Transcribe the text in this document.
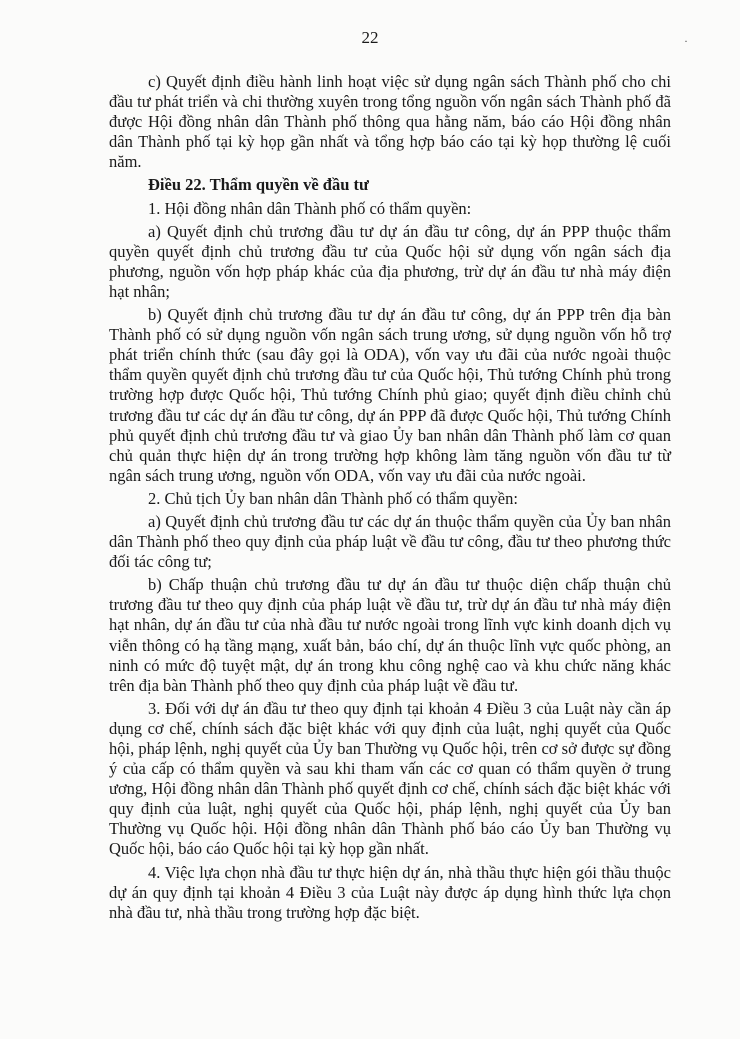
22	·

c) Quyết định điều hành linh hoạt việc sử dụng ngân sách Thành phố cho chi đầu tư phát triển và chi thường xuyên trong tổng nguồn vốn ngân sách Thành phố đã được Hội đồng nhân dân Thành phố thông qua hằng năm, báo cáo Hội đồng nhân dân Thành phố tại kỳ họp gần nhất và tổng hợp báo cáo tại kỳ họp thường lệ cuối năm.

Điều 22. Thẩm quyền về đầu tư

1. Hội đồng nhân dân Thành phố có thẩm quyền:

a) Quyết định chủ trương đầu tư dự án đầu tư công, dự án PPP thuộc thẩm quyền quyết định chủ trương đầu tư của Quốc hội sử dụng vốn ngân sách địa phương, nguồn vốn hợp pháp khác của địa phương, trừ dự án đầu tư nhà máy điện hạt nhân;

b) Quyết định chủ trương đầu tư dự án đầu tư công, dự án PPP trên địa bàn Thành phố có sử dụng nguồn vốn ngân sách trung ương, sử dụng nguồn vốn hỗ trợ phát triển chính thức (sau đây gọi là ODA), vốn vay ưu đãi của nước ngoài thuộc thẩm quyền quyết định chủ trương đầu tư của Quốc hội, Thủ tướng Chính phủ trong trường hợp được Quốc hội, Thủ tướng Chính phủ giao; quyết định điều chỉnh chủ trương đầu tư các dự án đầu tư công, dự án PPP đã được Quốc hội, Thủ tướng Chính phủ quyết định chủ trương đầu tư và giao Ủy ban nhân dân Thành phố làm cơ quan chủ quản thực hiện dự án trong trường hợp không làm tăng nguồn vốn đầu tư từ ngân sách trung ương, nguồn vốn ODA, vốn vay ưu đãi của nước ngoài.

2. Chủ tịch Ủy ban nhân dân Thành phố có thẩm quyền:

a) Quyết định chủ trương đầu tư các dự án thuộc thẩm quyền của Ủy ban nhân dân Thành phố theo quy định của pháp luật về đầu tư công, đầu tư theo phương thức đối tác công tư;

b) Chấp thuận chủ trương đầu tư dự án đầu tư thuộc diện chấp thuận chủ trương đầu tư theo quy định của pháp luật về đầu tư, trừ dự án đầu tư nhà máy điện hạt nhân, dự án đầu tư của nhà đầu tư nước ngoài trong lĩnh vực kinh doanh dịch vụ viễn thông có hạ tầng mạng, xuất bản, báo chí, dự án thuộc lĩnh vực quốc phòng, an ninh có mức độ tuyệt mật, dự án trong khu công nghệ cao và khu chức năng khác trên địa bàn Thành phố theo quy định của pháp luật về đầu tư.

3. Đối với dự án đầu tư theo quy định tại khoản 4 Điều 3 của Luật này cần áp dụng cơ chế, chính sách đặc biệt khác với quy định của luật, nghị quyết của Quốc hội, pháp lệnh, nghị quyết của Ủy ban Thường vụ Quốc hội, trên cơ sở được sự đồng ý của cấp có thẩm quyền và sau khi tham vấn các cơ quan có thẩm quyền ở trung ương, Hội đồng nhân dân Thành phố quyết định cơ chế, chính sách đặc biệt khác với quy định của luật, nghị quyết của Quốc hội, pháp lệnh, nghị quyết của Ủy ban Thường vụ Quốc hội. Hội đồng nhân dân Thành phố báo cáo Ủy ban Thường vụ Quốc hội, báo cáo Quốc hội tại kỳ họp gần nhất.

4. Việc lựa chọn nhà đầu tư thực hiện dự án, nhà thầu thực hiện gói thầu thuộc dự án quy định tại khoản 4 Điều 3 của Luật này được áp dụng hình thức lựa chọn nhà đầu tư, nhà thầu trong trường hợp đặc biệt.
